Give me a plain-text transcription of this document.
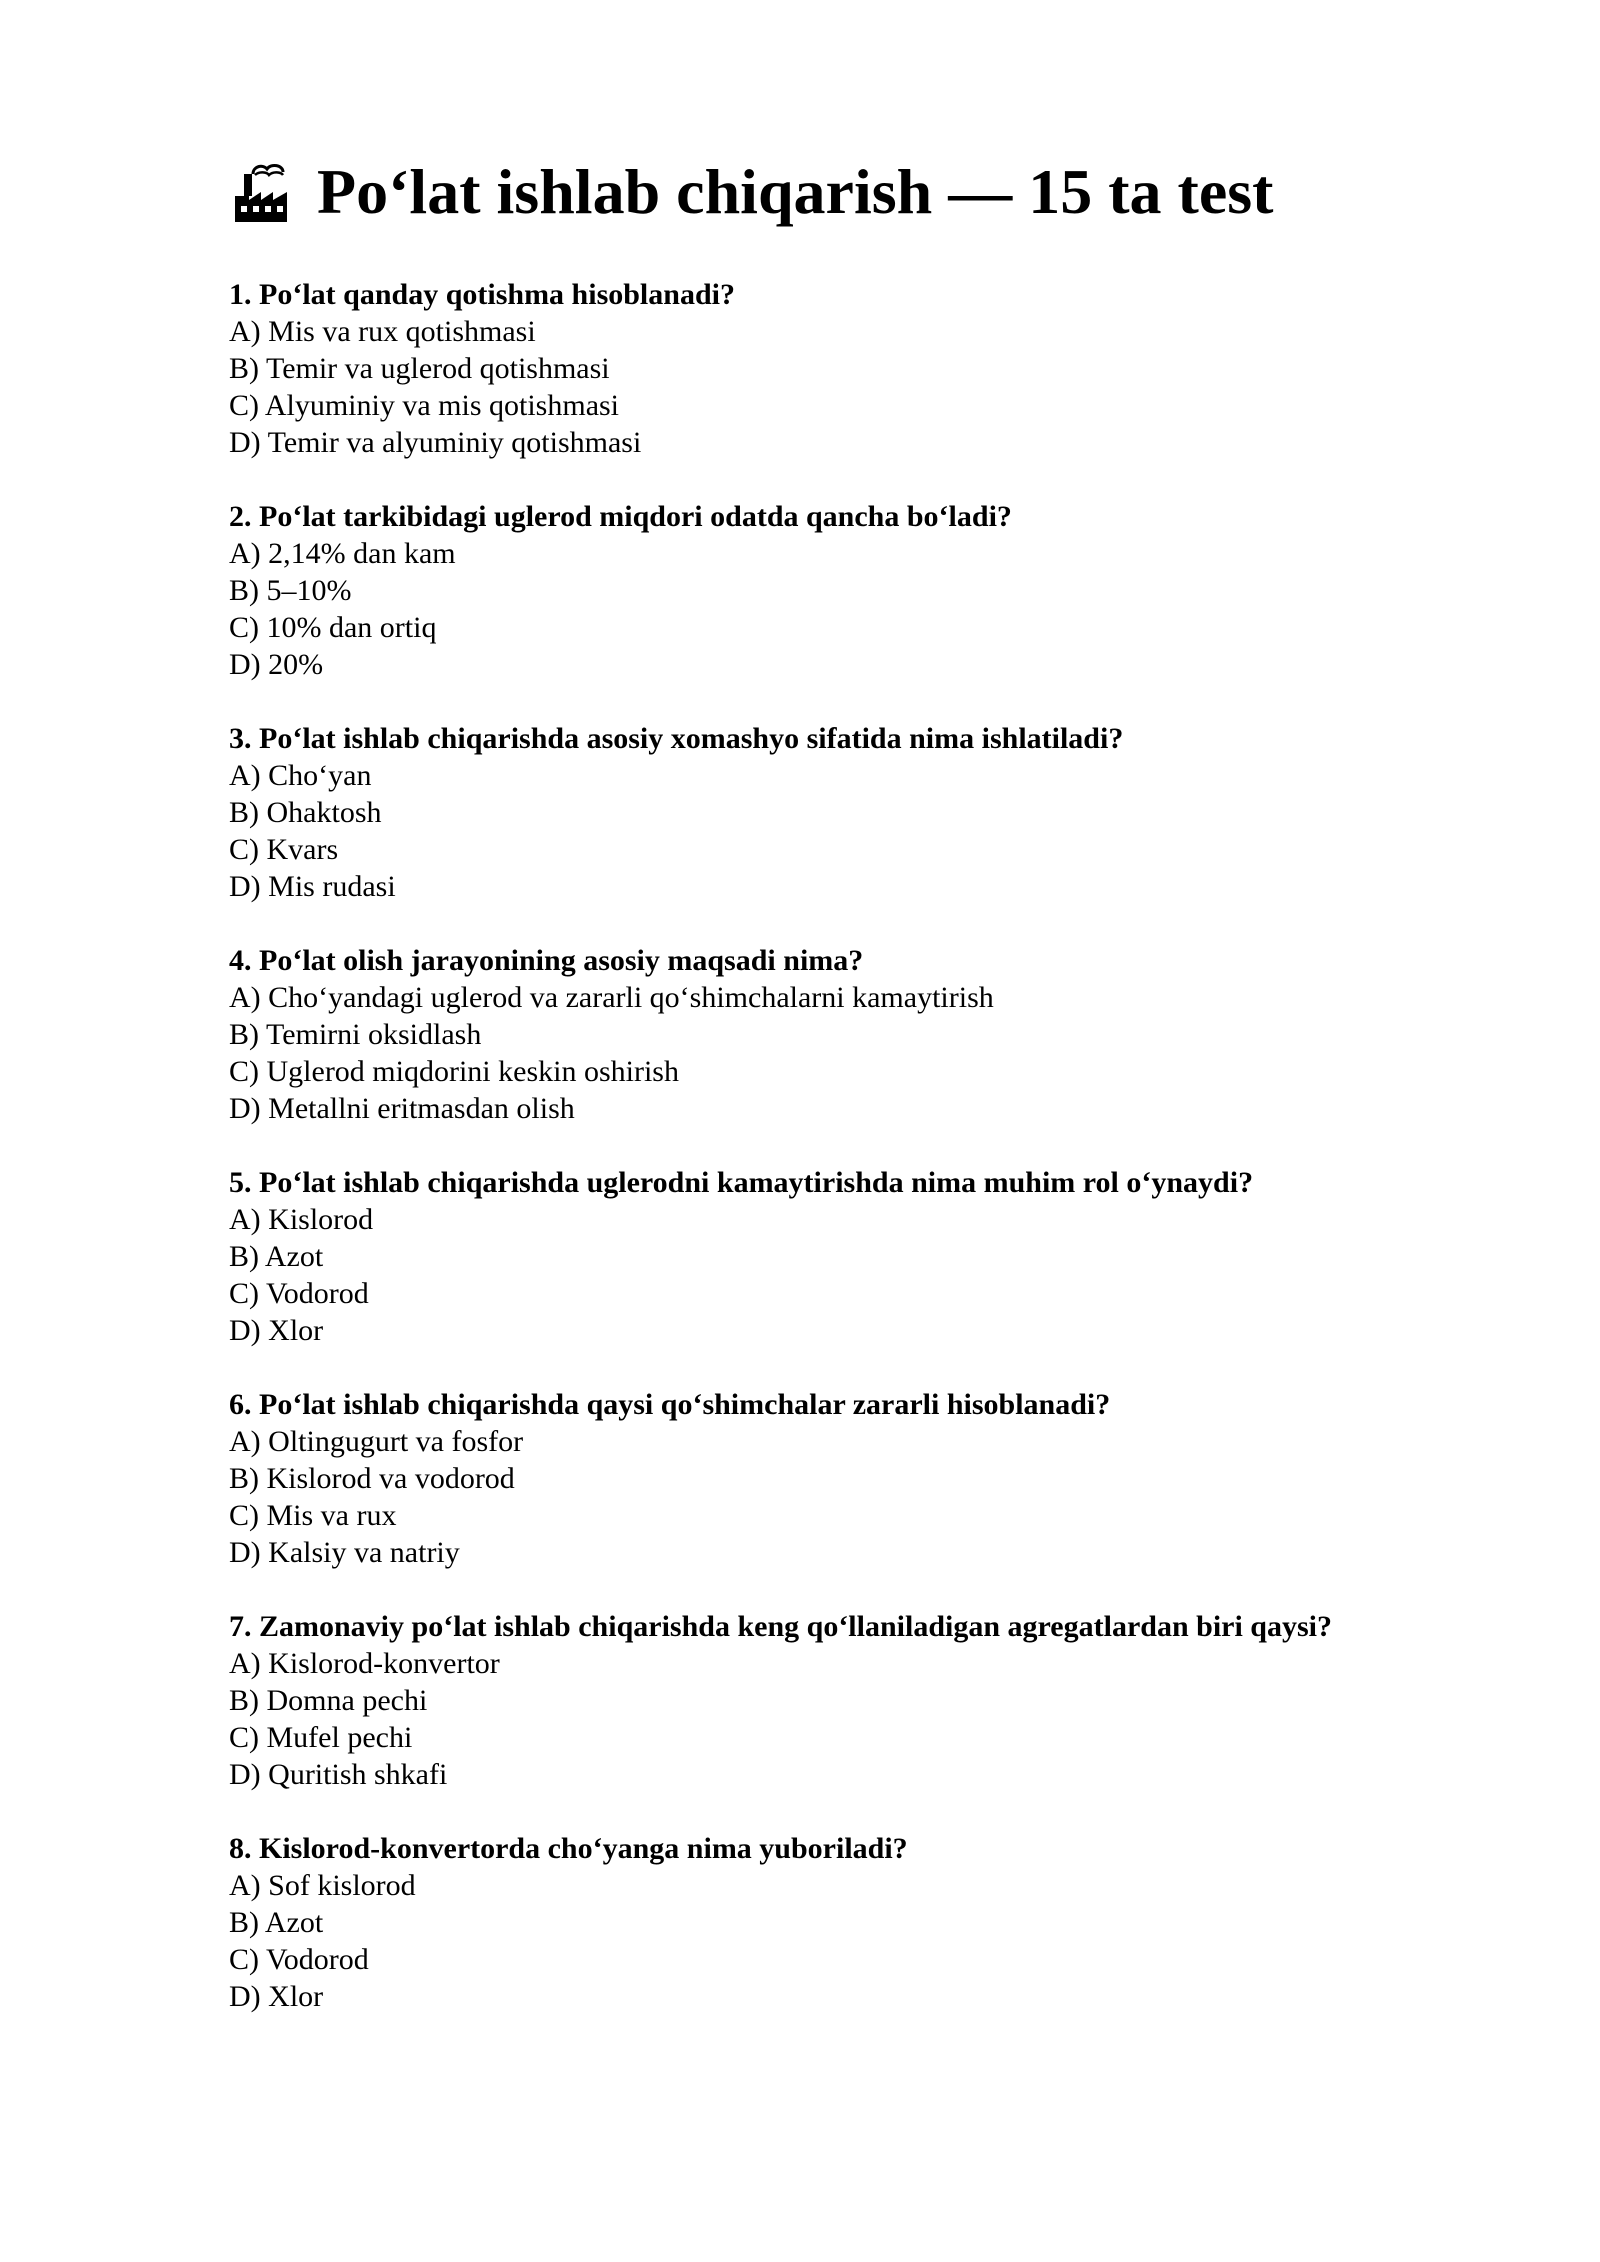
Po‘lat ishlab chiqarish — 15 ta test
1. Po‘lat qanday qotishma hisoblanadi?
A) Mis va rux qotishmasi
B) Temir va uglerod qotishmasi
C) Alyuminiy va mis qotishmasi
D) Temir va alyuminiy qotishmasi
2. Po‘lat tarkibidagi uglerod miqdori odatda qancha bo‘ladi?
A) 2,14% dan kam
B) 5–10%
C) 10% dan ortiq
D) 20%
3. Po‘lat ishlab chiqarishda asosiy xomashyo sifatida nima ishlatiladi?
A) Cho‘yan
B) Ohaktosh
C) Kvars
D) Mis rudasi
4. Po‘lat olish jarayonining asosiy maqsadi nima?
A) Cho‘yandagi uglerod va zararli qo‘shimchalarni kamaytirish
B) Temirni oksidlash
C) Uglerod miqdorini keskin oshirish
D) Metallni eritmasdan olish
5. Po‘lat ishlab chiqarishda uglerodni kamaytirishda nima muhim rol o‘ynaydi?
A) Kislorod
B) Azot
C) Vodorod
D) Xlor
6. Po‘lat ishlab chiqarishda qaysi qo‘shimchalar zararli hisoblanadi?
A) Oltingugurt va fosfor
B) Kislorod va vodorod
C) Mis va rux
D) Kalsiy va natriy
7. Zamonaviy po‘lat ishlab chiqarishda keng qo‘llaniladigan agregatlardan biri qaysi?
A) Kislorod-konvertor
B) Domna pechi
C) Mufel pechi
D) Quritish shkafi
8. Kislorod-konvertorda cho‘yanga nima yuboriladi?
A) Sof kislorod
B) Azot
C) Vodorod
D) Xlor
